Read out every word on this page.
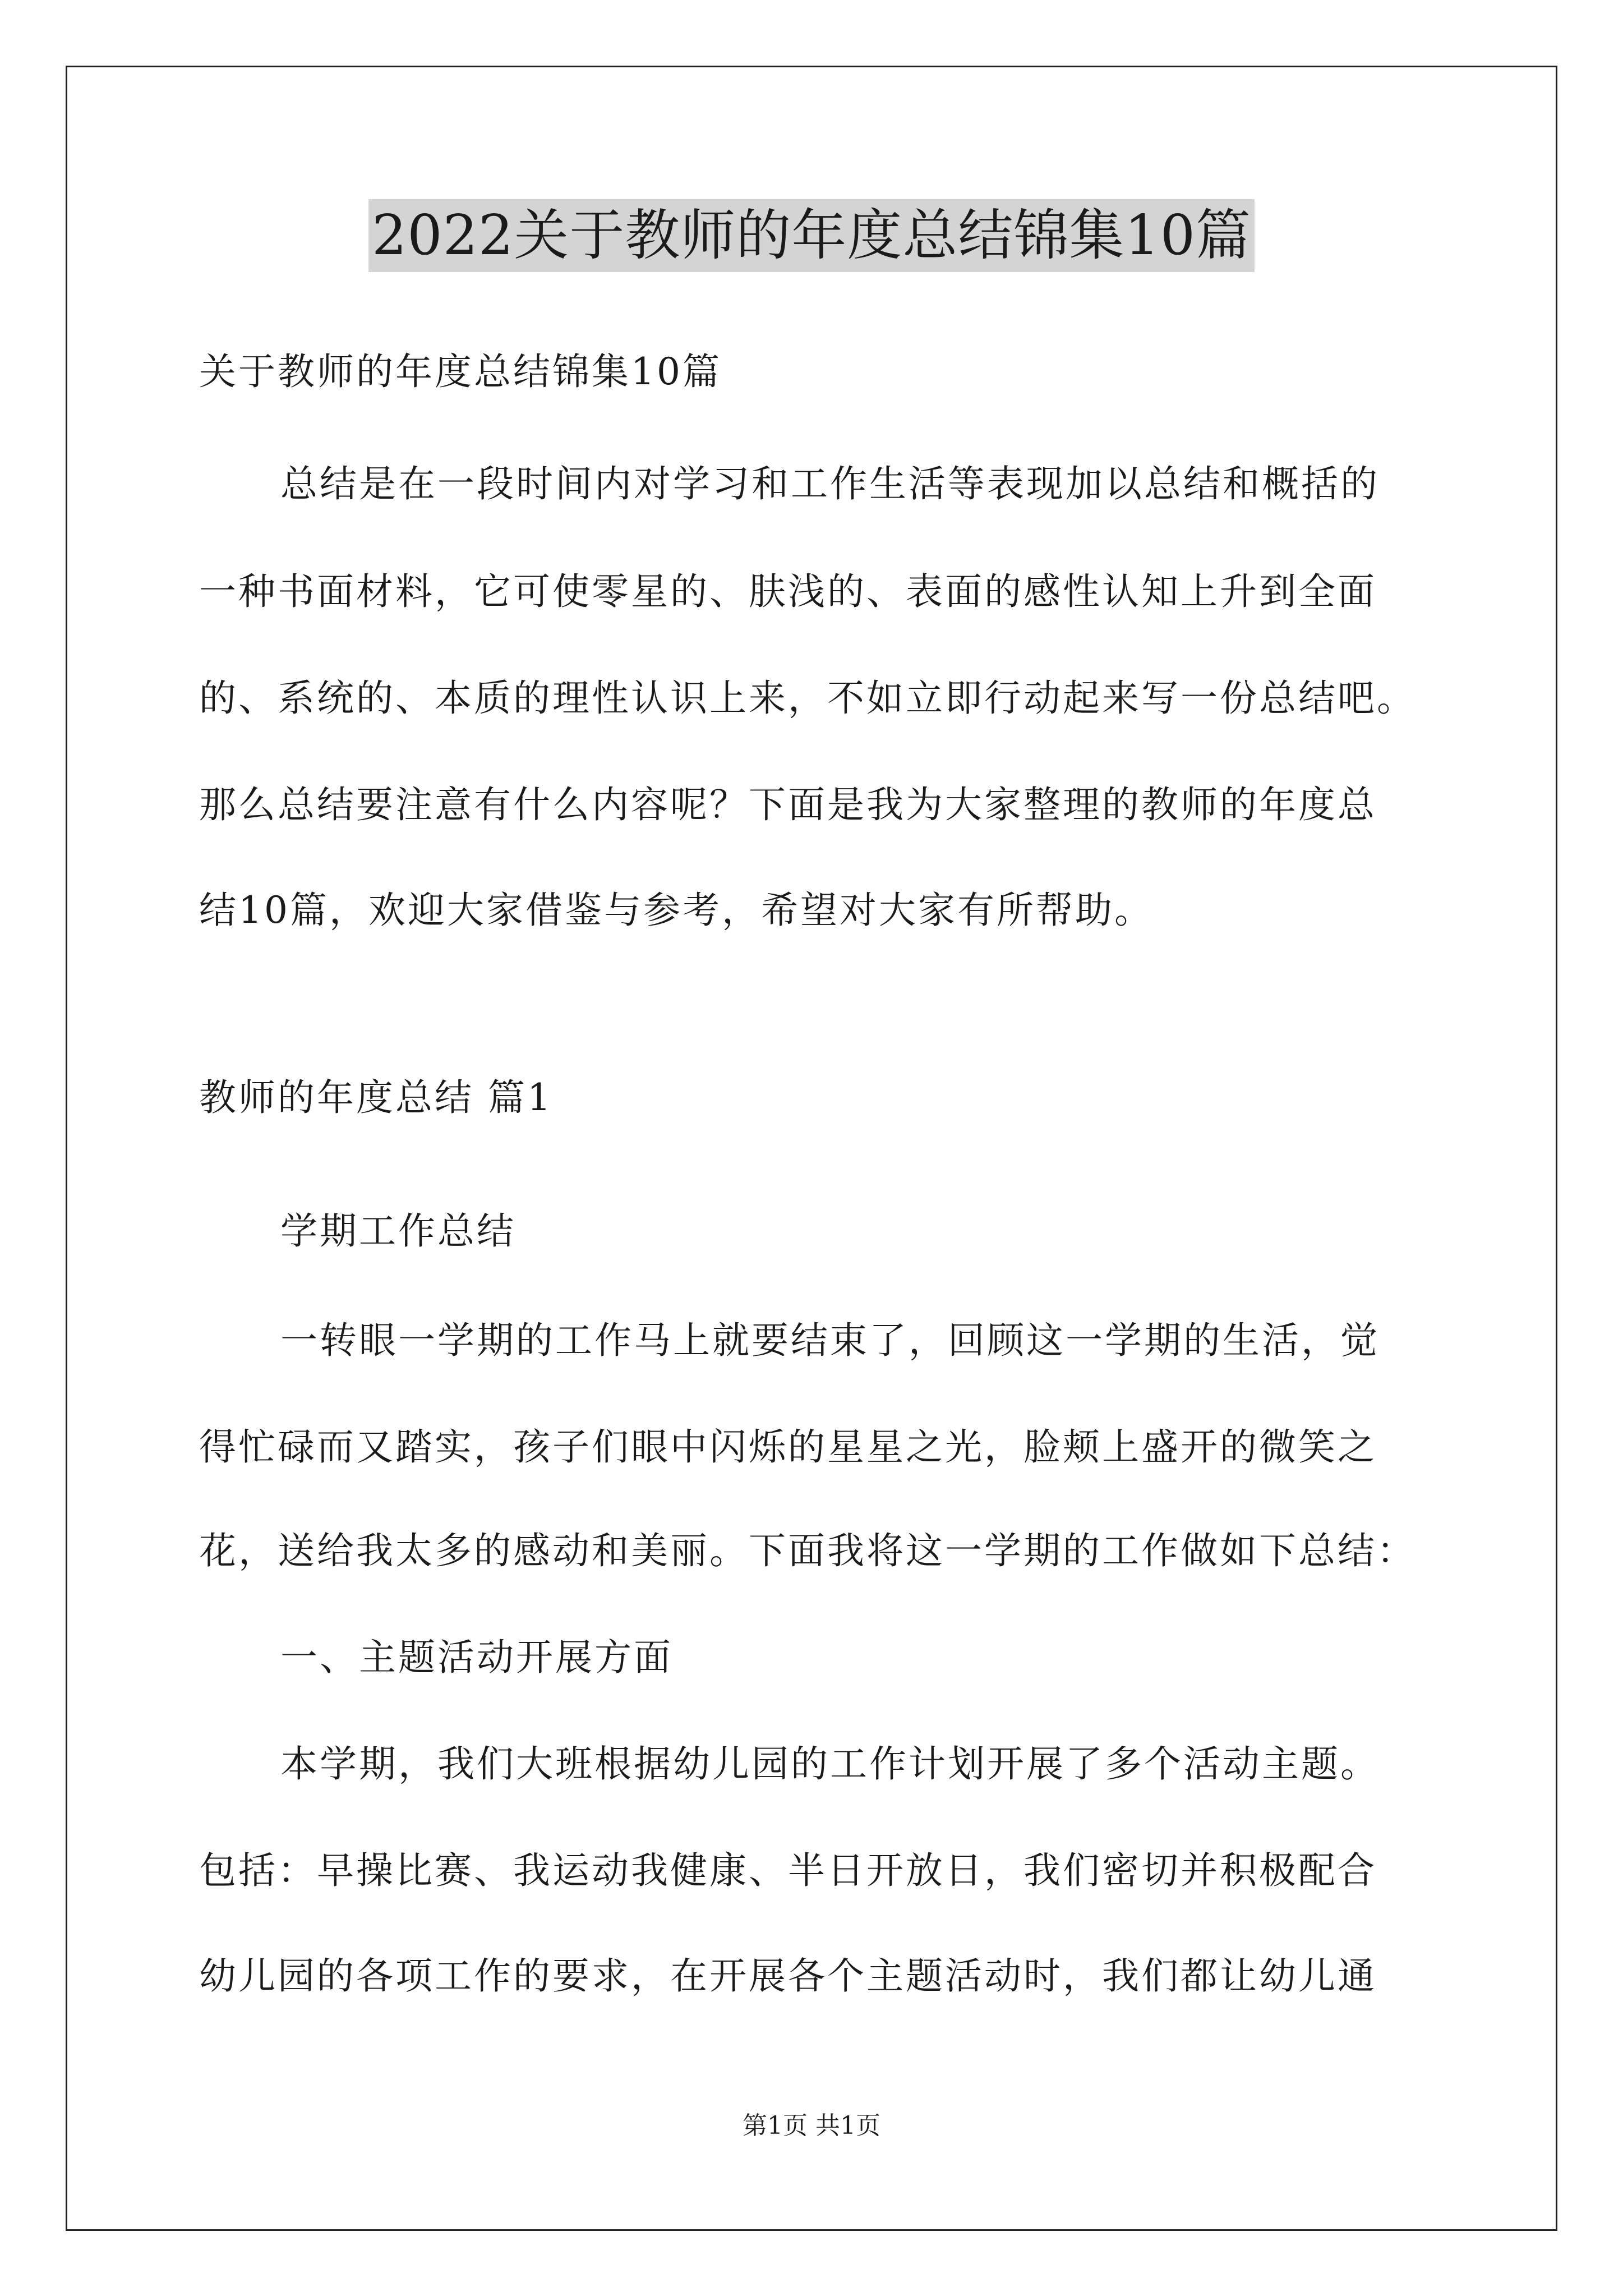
2022关于教师的年度总结锦集10篇
关于教师的年度总结锦集10篇
总结是在一段时间内对学习和工作生活等表现加以总结和概括的
一种书面材料，它可使零星的、肤浅的、表面的感性认知上升到全面
的、系统的、本质的理性认识上来，不如立即行动起来写一份总结吧。
那么总结要注意有什么内容呢？下面是我为大家整理的教师的年度总
结10篇，欢迎大家借鉴与参考，希望对大家有所帮助。
教师的年度总结 篇1
学期工作总结
一转眼一学期的工作马上就要结束了，回顾这一学期的生活，觉
得忙碌而又踏实，孩子们眼中闪烁的星星之光，脸颊上盛开的微笑之
花，送给我太多的感动和美丽。下面我将这一学期的工作做如下总结：
一、主题活动开展方面
本学期，我们大班根据幼儿园的工作计划开展了多个活动主题。
包括：早操比赛、我运动我健康、半日开放日，我们密切并积极配合
幼儿园的各项工作的要求，在开展各个主题活动时，我们都让幼儿通
第1页 共1页
